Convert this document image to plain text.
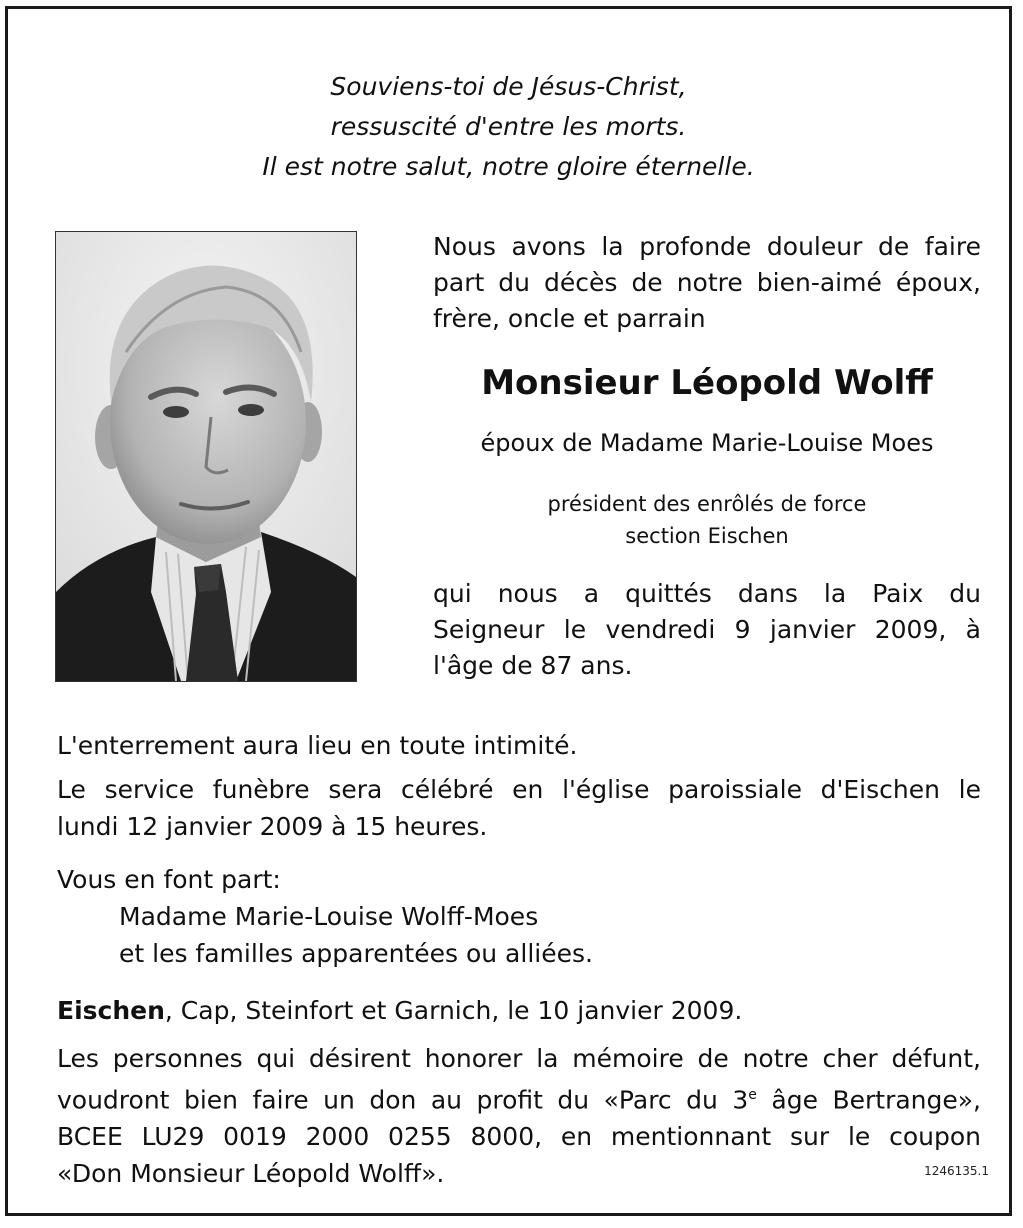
Souviens-toi de Jésus-Christ,
ressuscité d'entre les morts.
Il est notre salut, notre gloire éternelle.
Nous avons la profonde douleur de faire
part du décès de notre bien-aimé époux,
frère, oncle et parrain
Monsieur Léopold Wolff
époux de Madame Marie-Louise Moes
président des enrôlés de force
section Eischen
qui nous a quittés dans la Paix du
Seigneur le vendredi 9 janvier 2009, à
l'âge de 87 ans.
L'enterrement aura lieu en toute intimité.
Le service funèbre sera célébré en l'église paroissiale d'Eischen le
lundi 12 janvier 2009 à 15 heures.
Vous en font part:
Madame Marie-Louise Wolff-Moes
et les familles apparentées ou alliées.
Eischen, Cap, Steinfort et Garnich, le 10 janvier 2009.
Les personnes qui désirent honorer la mémoire de notre cher défunt,
voudront bien faire un don au profit du «Parc du 3e âge Bertrange»,
BCEE LU29 0019 2000 0255 8000, en mentionnant sur le coupon
«Don Monsieur Léopold Wolff».	1246135.1
